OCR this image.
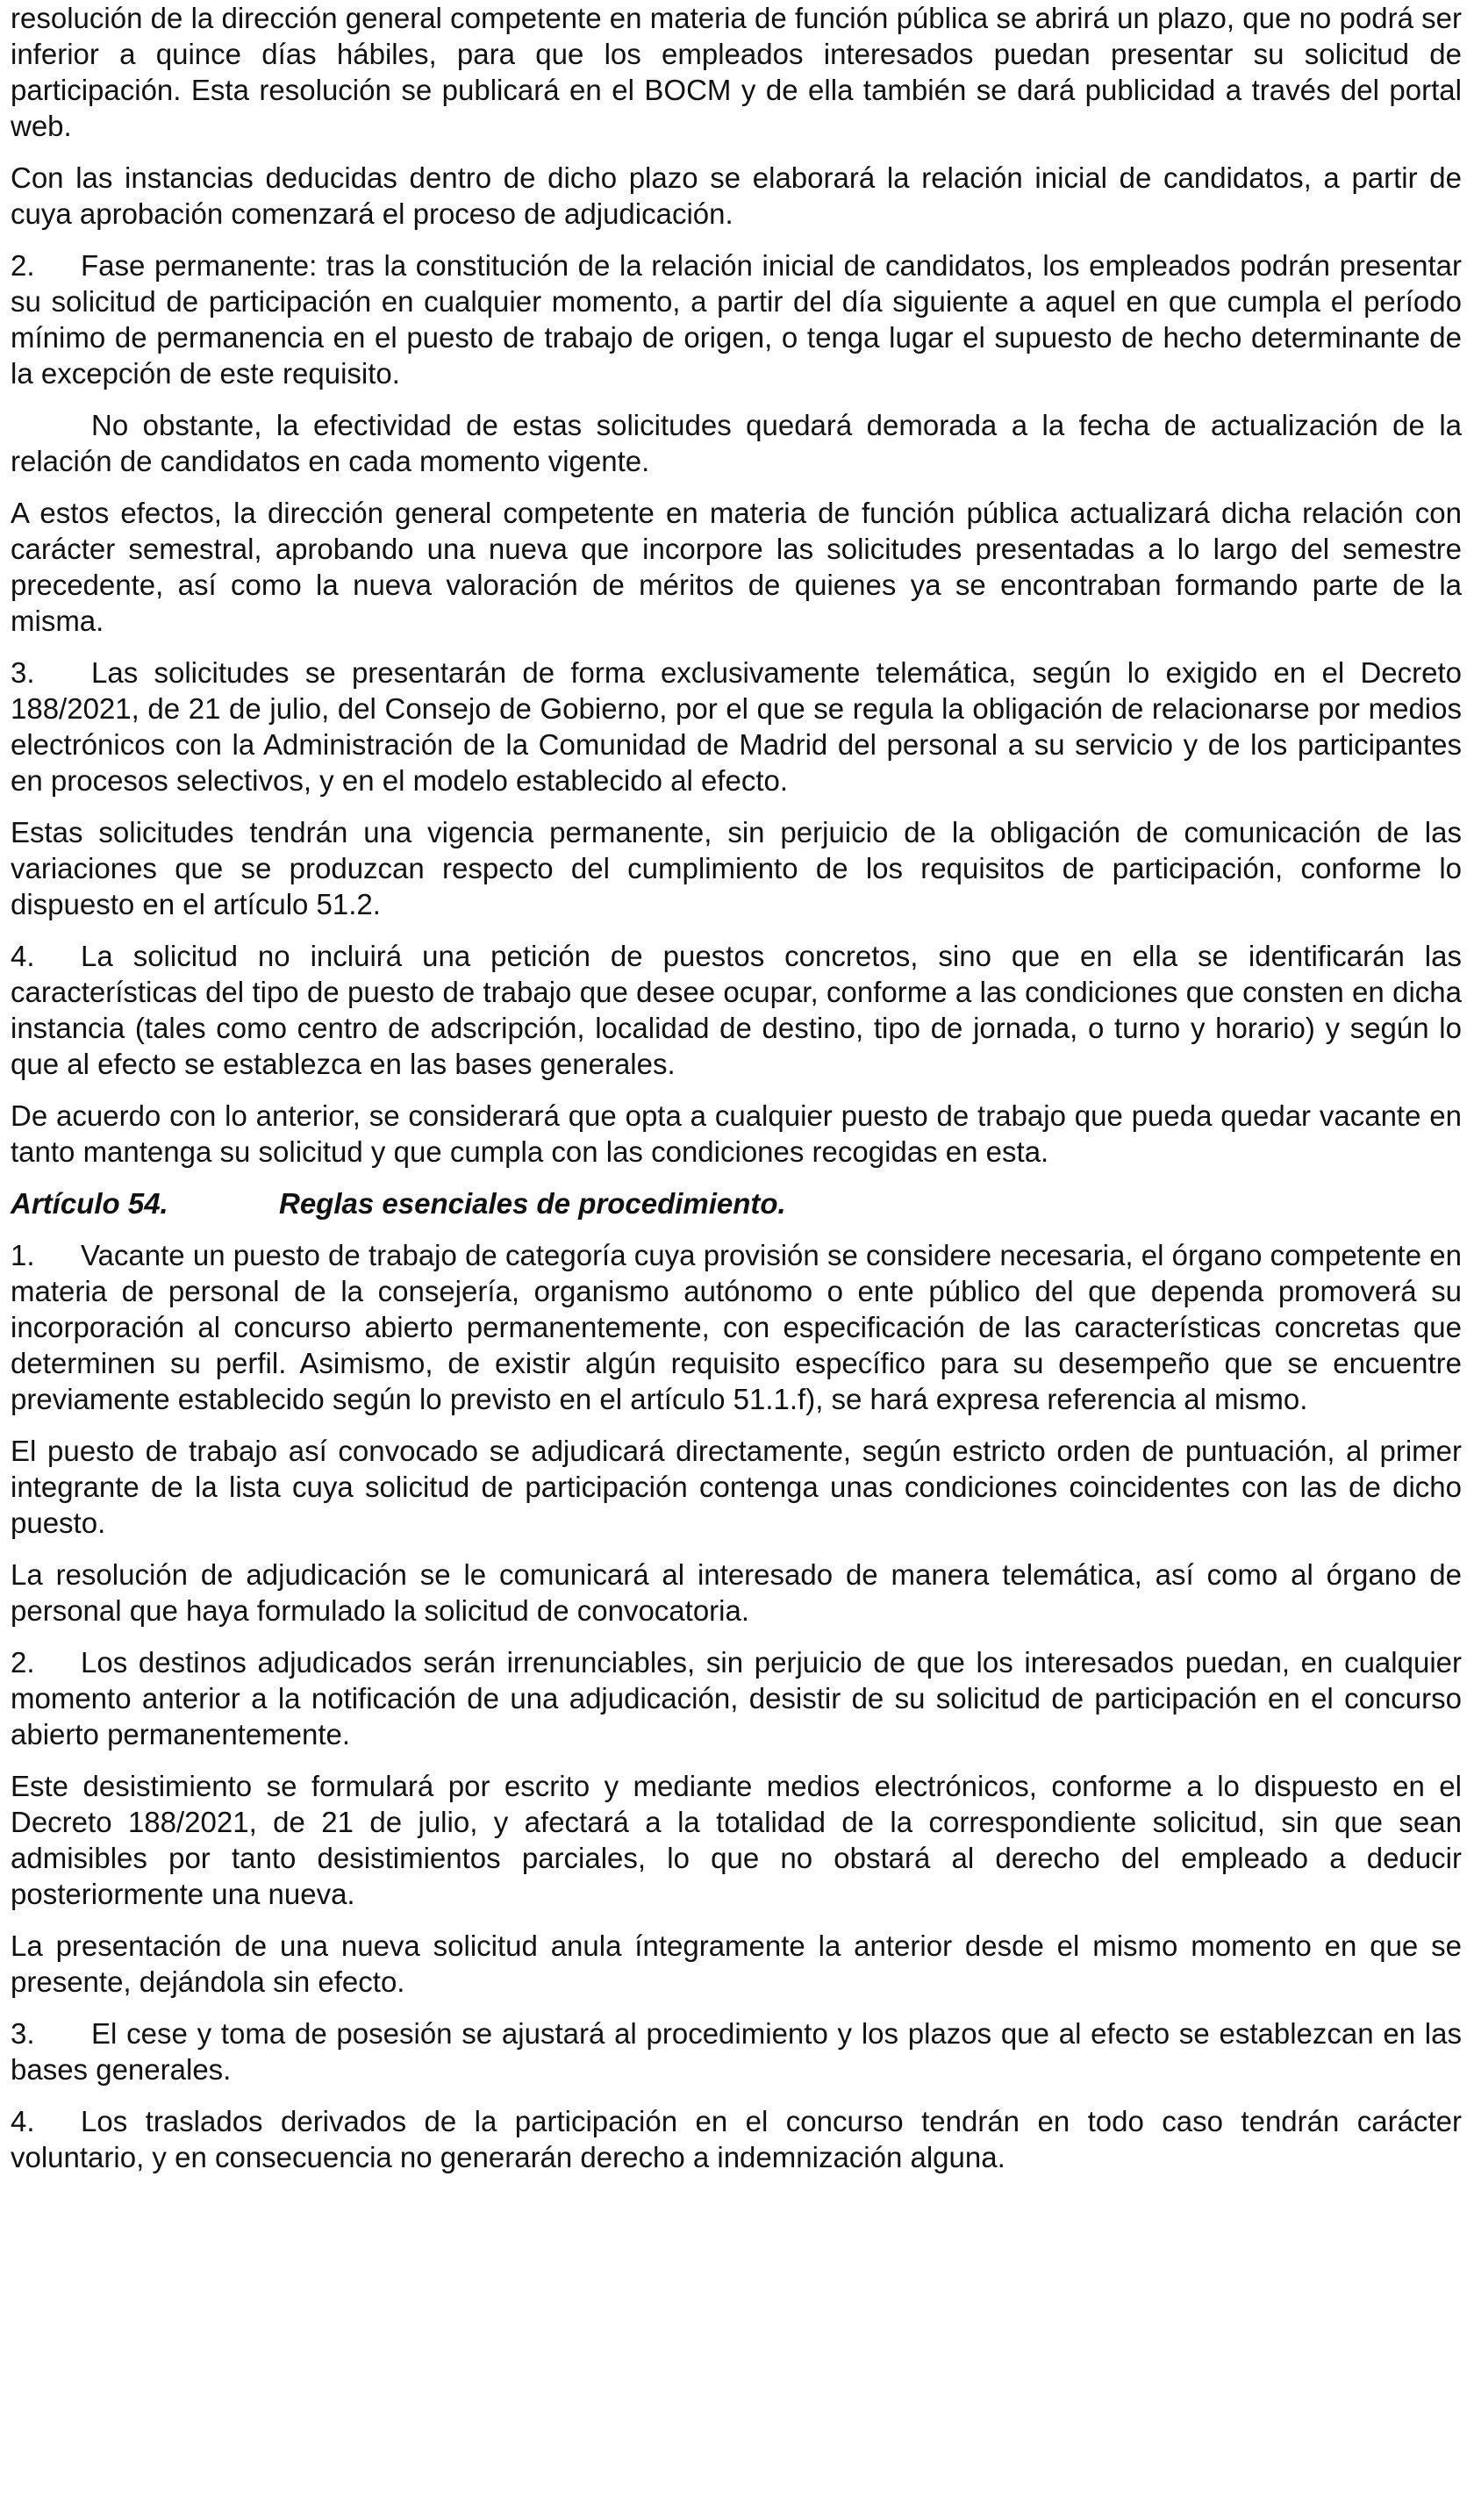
resolución de la dirección general competente en materia de función pública se abrirá un plazo, que no podrá ser inferior a quince días hábiles, para que los empleados interesados puedan presentar su solicitud de participación. Esta resolución se publicará en el BOCM y de ella también se dará publicidad a través del portal web.

Con las instancias deducidas dentro de dicho plazo se elaborará la relación inicial de candidatos, a partir de cuya aprobación comenzará el proceso de adjudicación.

2. Fase permanente: tras la constitución de la relación inicial de candidatos, los empleados podrán presentar su solicitud de participación en cualquier momento, a partir del día siguiente a aquel en que cumpla el período mínimo de permanencia en el puesto de trabajo de origen, o tenga lugar el supuesto de hecho determinante de la excepción de este requisito.

No obstante, la efectividad de estas solicitudes quedará demorada a la fecha de actualización de la relación de candidatos en cada momento vigente.

A estos efectos, la dirección general competente en materia de función pública actualizará dicha relación con carácter semestral, aprobando una nueva que incorpore las solicitudes presentadas a lo largo del semestre precedente, así como la nueva valoración de méritos de quienes ya se encontraban formando parte de la misma.

3. Las solicitudes se presentarán de forma exclusivamente telemática, según lo exigido en el Decreto 188/2021, de 21 de julio, del Consejo de Gobierno, por el que se regula la obligación de relacionarse por medios electrónicos con la Administración de la Comunidad de Madrid del personal a su servicio y de los participantes en procesos selectivos, y en el modelo establecido al efecto.

Estas solicitudes tendrán una vigencia permanente, sin perjuicio de la obligación de comunicación de las variaciones que se produzcan respecto del cumplimiento de los requisitos de participación, conforme lo dispuesto en el artículo 51.2.

4. La solicitud no incluirá una petición de puestos concretos, sino que en ella se identificarán las características del tipo de puesto de trabajo que desee ocupar, conforme a las condiciones que consten en dicha instancia (tales como centro de adscripción, localidad de destino, tipo de jornada, o turno y horario) y según lo que al efecto se establezca en las bases generales.

De acuerdo con lo anterior, se considerará que opta a cualquier puesto de trabajo que pueda quedar vacante en tanto mantenga su solicitud y que cumpla con las condiciones recogidas en esta.

Artículo 54.	Reglas esenciales de procedimiento.

1. Vacante un puesto de trabajo de categoría cuya provisión se considere necesaria, el órgano competente en materia de personal de la consejería, organismo autónomo o ente público del que dependa promoverá su incorporación al concurso abierto permanentemente, con especificación de las características concretas que determinen su perfil. Asimismo, de existir algún requisito específico para su desempeño que se encuentre previamente establecido según lo previsto en el artículo 51.1.f), se hará expresa referencia al mismo.

El puesto de trabajo así convocado se adjudicará directamente, según estricto orden de puntuación, al primer integrante de la lista cuya solicitud de participación contenga unas condiciones coincidentes con las de dicho puesto.

La resolución de adjudicación se le comunicará al interesado de manera telemática, así como al órgano de personal que haya formulado la solicitud de convocatoria.

2. Los destinos adjudicados serán irrenunciables, sin perjuicio de que los interesados puedan, en cualquier momento anterior a la notificación de una adjudicación, desistir de su solicitud de participación en el concurso abierto permanentemente.

Este desistimiento se formulará por escrito y mediante medios electrónicos, conforme a lo dispuesto en el Decreto 188/2021, de 21 de julio, y afectará a la totalidad de la correspondiente solicitud, sin que sean admisibles por tanto desistimientos parciales, lo que no obstará al derecho del empleado a deducir posteriormente una nueva.

La presentación de una nueva solicitud anula íntegramente la anterior desde el mismo momento en que se presente, dejándola sin efecto.

3. El cese y toma de posesión se ajustará al procedimiento y los plazos que al efecto se establezcan en las bases generales.

4. Los traslados derivados de la participación en el concurso tendrán en todo caso tendrán carácter voluntario, y en consecuencia no generarán derecho a indemnización alguna.
